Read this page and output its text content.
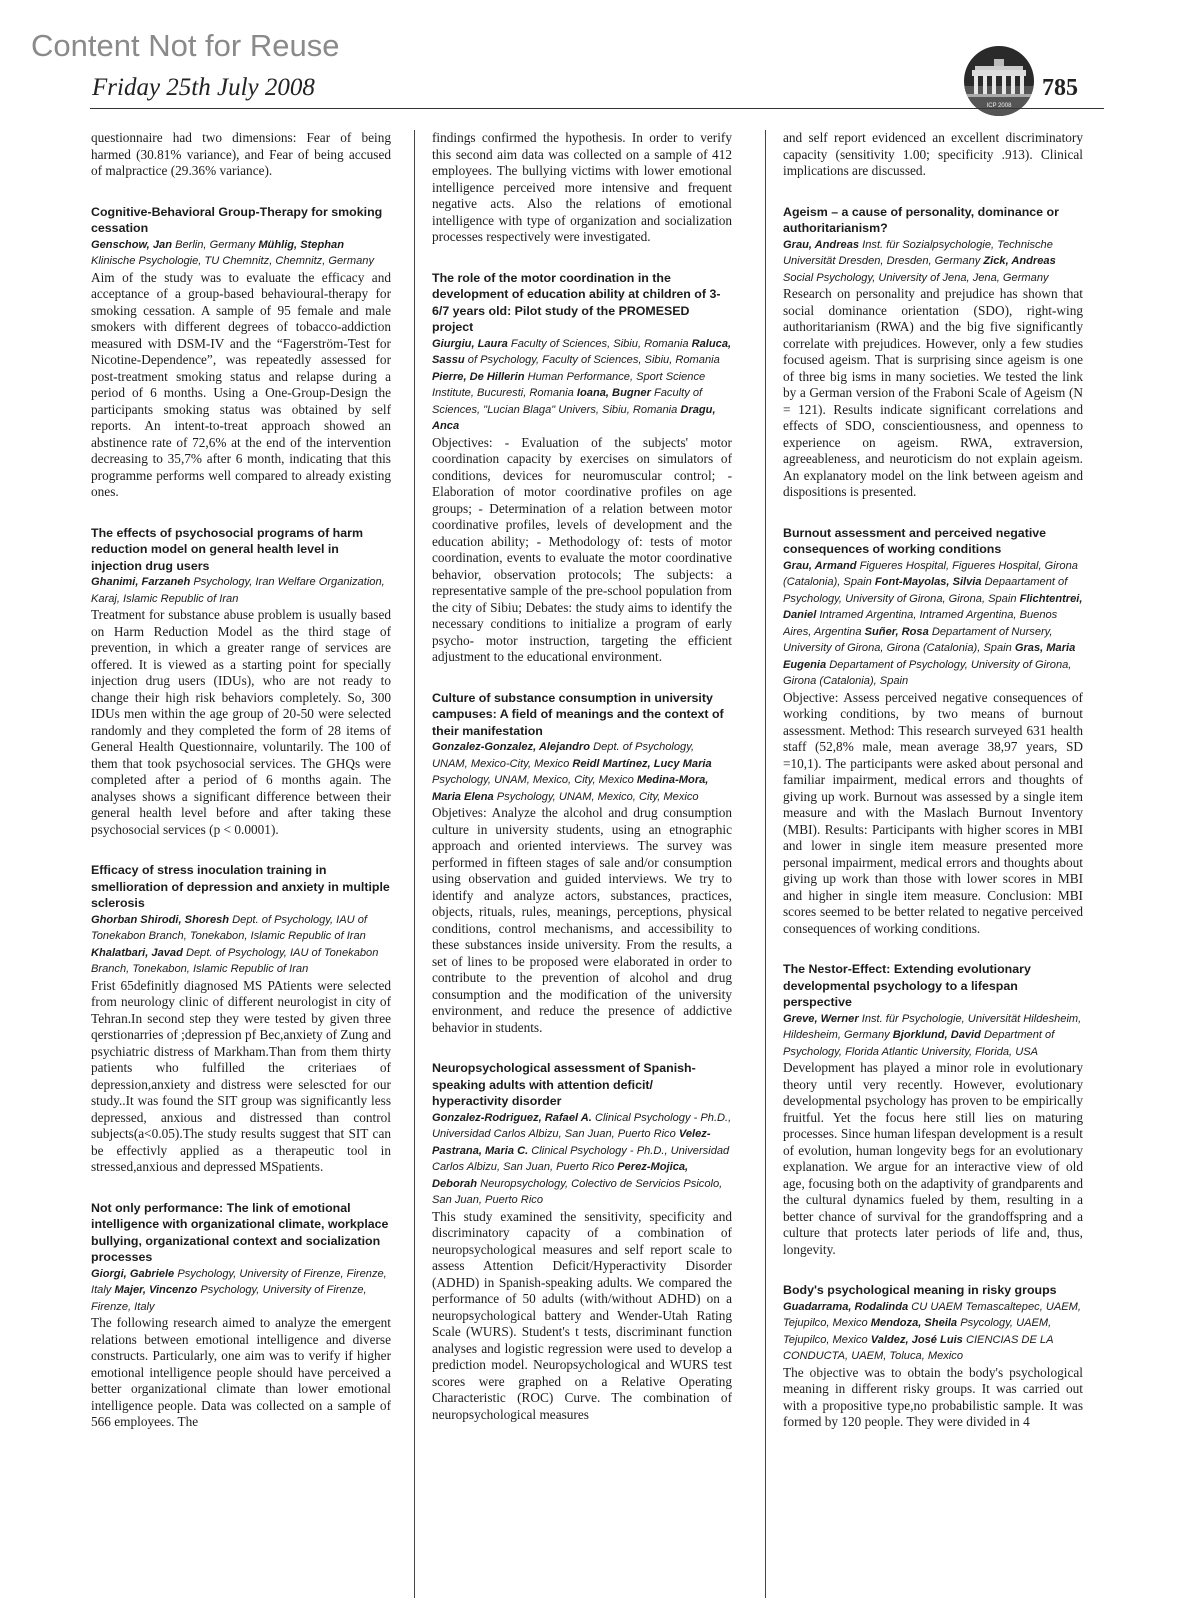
Content Not for Reuse
Friday 25th July 2008	785
ICP 2008

questionnaire had two dimensions: Fear of being harmed (30.81% variance), and Fear of being accused of malpractice (29.36% variance).

Cognitive-Behavioral Group-Therapy for smoking cessation

Genschow, Jan Berlin, Germany Mühlig, Stephan Klinische Psychologie, TU Chemnitz, Chemnitz, Germany

Aim of the study was to evaluate the efficacy and acceptance of a group-based behavioural-therapy for smoking cessation. A sample of 95 female and male smokers with different degrees of tobacco-addiction measured with DSM-IV and the “Fagerström-Test for Nicotine-Dependence”, was repeatedly assessed for post-treatment smoking status and relapse during a period of 6 months. Using a One-Group-Design the participants smoking status was obtained by self reports. An intent-to-treat approach showed an abstinence rate of 72,6% at the end of the intervention decreasing to 35,7% after 6 month, indicating that this programme performs well compared to already existing ones.

The effects of psychosocial programs of harm reduction model on general health level in injection drug users

Ghanimi, Farzaneh Psychology, Iran Welfare Organization, Karaj, Islamic Republic of Iran

Treatment for substance abuse problem is usually based on Harm Reduction Model as the third stage of prevention, in which a greater range of services are offered. It is viewed as a starting point for specially injection drug users (IDUs), who are not ready to change their high risk behaviors completely. So, 300 IDUs men within the age group of 20-50 were selected randomly and they completed the form of 28 items of General Health Questionnaire, voluntarily. The 100 of them that took psychosocial services. The GHQs were completed after a period of 6 months again. The analyses shows a significant difference between their general health level before and after taking these psychosocial services (p < 0.0001).

Efficacy of stress inoculation training in smellioration of depression and anxiety in multiple sclerosis

Ghorban Shirodi, Shoresh Dept. of Psychology, IAU of Tonekabon Branch, Tonekabon, Islamic Republic of Iran Khalatbari, Javad Dept. of Psychology, IAU of Tonekabon Branch, Tonekabon, Islamic Republic of Iran

Frist 65definitly diagnosed MS PAtients were selected from neurology clinic of different neurologist in city of Tehran.In second step they were tested by given three qerstionarries of ;depression pf Bec,anxiety of Zung and psychiatric distress of Markham.Than from them thirty patients who fulfilled the criteriaes of depression,anxiety and distress were selescted for our study..It was found the SIT group was significantly less depressed, anxious and distressed than control subjects(a<0.05).The study results suggest that SIT can be effectivly applied as a therapeutic tool in stressed,anxious and depressed MSpatients.

Not only performance: The link of emotional intelligence with organizational climate, workplace bullying, organizational context and socialization processes

Giorgi, Gabriele Psychology, University of Firenze, Firenze, Italy Majer, Vincenzo Psychology, University of Firenze, Firenze, Italy

The following research aimed to analyze the emergent relations between emotional intelligence and diverse constructs. Particularly, one aim was to verify if higher emotional intelligence people should have perceived a better organizational climate than lower emotional intelligence people. Data was collected on a sample of 566 employees. The

findings confirmed the hypothesis. In order to verify this second aim data was collected on a sample of 412 employees. The bullying victims with lower emotional intelligence perceived more intensive and frequent negative acts. Also the relations of emotional intelligence with type of organization and socialization processes respectively were investigated.

The role of the motor coordination in the development of education ability at children of 3-6/7 years old: Pilot study of the PROMESED project

Giurgiu, Laura Faculty of Sciences, Sibiu, Romania Raluca, Sassu of Psychology, Faculty of Sciences, Sibiu, Romania Pierre, De Hillerin Human Performance, Sport Science Institute, Bucuresti, Romania Ioana, Bugner Faculty of Sciences, "Lucian Blaga" Univers, Sibiu, Romania Dragu, Anca

Objectives: - Evaluation of the subjects' motor coordination capacity by exercises on simulators of conditions, devices for neuromuscular control; - Elaboration of motor coordinative profiles on age groups; - Determination of a relation between motor coordinative profiles, levels of development and the education ability; - Methodology of: tests of motor coordination, events to evaluate the motor coordinative behavior, observation protocols; The subjects: a representative sample of the pre-school population from the city of Sibiu; Debates: the study aims to identify the necessary conditions to initialize a program of early psycho- motor instruction, targeting the efficient adjustment to the educational environment.

Culture of substance consumption in university campuses: A field of meanings and the context of their manifestation

Gonzalez-Gonzalez, Alejandro Dept. of Psychology, UNAM, Mexico-City, Mexico Reidl Martínez, Lucy Maria Psychology, UNAM, Mexico, City, Mexico Medina-Mora, Maria Elena Psychology, UNAM, Mexico, City, Mexico

Objetives: Analyze the alcohol and drug consumption culture in university students, using an etnographic approach and oriented interviews. The survey was performed in fifteen stages of sale and/or consumption using observation and guided interviews. We try to identify and analyze actors, substances, practices, objects, rituals, rules, meanings, perceptions, physical conditions, control mechanisms, and accessibility to these substances inside university. From the results, a set of lines to be proposed were elaborated in order to contribute to the prevention of alcohol and drug consumption and the modification of the university environment, and reduce the presence of addictive behavior in students.

Neuropsychological assessment of Spanish-speaking adults with attention deficit/ hyperactivity disorder

Gonzalez-Rodriguez, Rafael A. Clinical Psychology - Ph.D., Universidad Carlos Albizu, San Juan, Puerto Rico Velez-Pastrana, Maria C. Clinical Psychology - Ph.D., Universidad Carlos Albizu, San Juan, Puerto Rico Perez-Mojica, Deborah Neuropsychology, Colectivo de Servicios Psicolo, San Juan, Puerto Rico

This study examined the sensitivity, specificity and discriminatory capacity of a combination of neuropsychological measures and self report scale to assess Attention Deficit/Hyperactivity Disorder (ADHD) in Spanish-speaking adults. We compared the performance of 50 adults (with/without ADHD) on a neuropsychological battery and Wender-Utah Rating Scale (WURS). Student's t tests, discriminant function analyses and logistic regression were used to develop a prediction model. Neuropsychological and WURS test scores were graphed on a Relative Operating Characteristic (ROC) Curve. The combination of neuropsychological measures

and self report evidenced an excellent discriminatory capacity (sensitivity 1.00; specificity .913). Clinical implications are discussed.

Ageism – a cause of personality, dominance or authoritarianism?

Grau, Andreas Inst. für Sozialpsychologie, Technische Universität Dresden, Dresden, Germany Zick, Andreas Social Psychology, University of Jena, Jena, Germany

Research on personality and prejudice has shown that social dominance orientation (SDO), right-wing authoritarianism (RWA) and the big five significantly correlate with prejudices. However, only a few studies focused ageism. That is surprising since ageism is one of three big isms in many societies. We tested the link by a German version of the Fraboni Scale of Ageism (N = 121). Results indicate significant correlations and effects of SDO, conscientiousness, and openness to experience on ageism. RWA, extraversion, agreeableness, and neuroticism do not explain ageism. An explanatory model on the link between ageism and dispositions is presented.

Burnout assessment and perceived negative consequences of working conditions

Grau, Armand Figueres Hospital, Figueres Hospital, Girona (Catalonia), Spain Font-Mayolas, Silvia Depaartament of Psychology, University of Girona, Girona, Spain Flichtentrei, Daniel Intramed Argentina, Intramed Argentina, Buenos Aires, Argentina Suñer, Rosa Departament of Nursery, University of Girona, Girona (Catalonia), Spain Gras, Maria Eugenia Departament of Psychology, University of Girona, Girona (Catalonia), Spain

Objective: Assess perceived negative consequences of working conditions, by two means of burnout assessment. Method: This research surveyed 631 health staff (52,8% male, mean average 38,97 years, SD =10,1). The participants were asked about personal and familiar impairment, medical errors and thoughts of giving up work. Burnout was assessed by a single item measure and with the Maslach Burnout Inventory (MBI). Results: Participants with higher scores in MBI and lower in single item measure presented more personal impairment, medical errors and thoughts about giving up work than those with lower scores in MBI and higher in single item measure. Conclusion: MBI scores seemed to be better related to negative perceived consequences of working conditions.

The Nestor-Effect: Extending evolutionary developmental psychology to a lifespan perspective

Greve, Werner Inst. für Psychologie, Universität Hildesheim, Hildesheim, Germany Bjorklund, David Department of Psychology, Florida Atlantic University, Florida, USA

Development has played a minor role in evolutionary theory until very recently. However, evolutionary developmental psychology has proven to be empirically fruitful. Yet the focus here still lies on maturing processes. Since human lifespan development is a result of evolution, human longevity begs for an evolutionary explanation. We argue for an interactive view of old age, focusing both on the adaptivity of grandparents and the cultural dynamics fueled by them, resulting in a better chance of survival for the grandoffspring and a culture that protects later periods of life and, thus, longevity.

Body's psychological meaning in risky groups

Guadarrama, Rodalinda CU UAEM Temascaltepec, UAEM, Tejupilco, Mexico Mendoza, Sheila Psycology, UAEM, Tejupilco, Mexico Valdez, José Luis CIENCIAS DE LA CONDUCTA, UAEM, Toluca, Mexico

The objective was to obtain the body's psychological meaning in different risky groups. It was carried out with a propositive type,no probabilistic sample. It was formed by 120 people. They were divided in 4
